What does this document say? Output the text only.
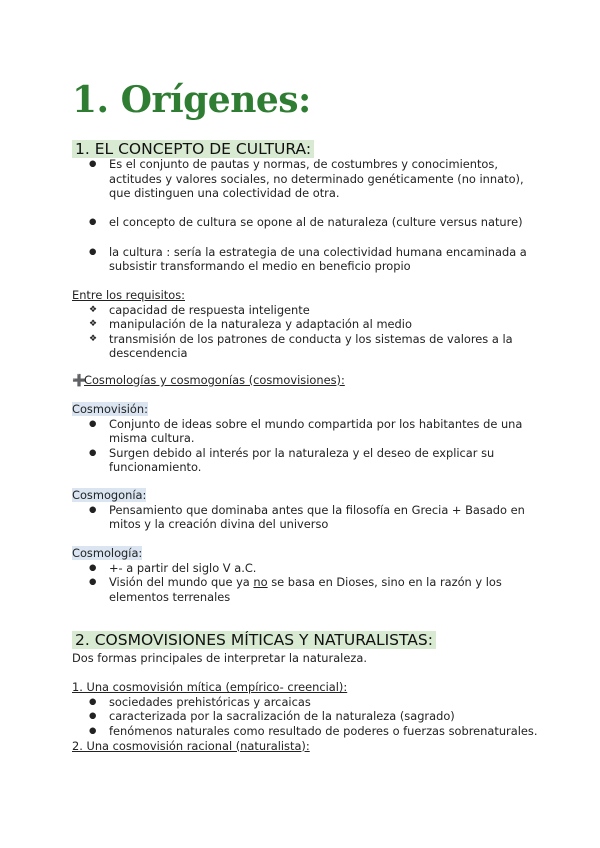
1. Orígenes:
1. EL CONCEPTO DE CULTURA:
● Es el conjunto de pautas y normas, de costumbres y conocimientos, actitudes y valores sociales, no determinado genéticamente (no innato), que distinguen una colectividad de otra.
● el concepto de cultura se opone al de naturaleza (culture versus nature)
● la cultura : sería la estrategia de una colectividad humana encaminada a subsistir transformando el medio en beneficio propio

Entre los requisitos:

❖ capacidad de respuesta inteligente
❖ manipulación de la naturaleza y adaptación al medio
❖ transmisión de los patrones de conducta y los sistemas de valores a la descendencia

➕Cosmologías y cosmogonías (cosmovisiones):

Cosmovisión:

● Conjunto de ideas sobre el mundo compartida por los habitantes de una misma cultura.
● Surgen debido al interés por la naturaleza y el deseo de explicar su funcionamiento.

Cosmogonía:

● Pensamiento que dominaba antes que la filosofía en Grecia + Basado en mitos y la creación divina del universo

Cosmología:

● +- a partir del siglo V a.C.
● Visión del mundo que ya no se basa en Dioses, sino en la razón y los elementos terrenales
2. COSMOVISIONES MÍTICAS Y NATURALISTAS:

Dos formas principales de interpretar la naturaleza.

1. Una cosmovisión mítica (empírico- creencial):

● sociedades prehistóricas y arcaicas
● caracterizada por la sacralización de la naturaleza (sagrado)
● fenómenos naturales como resultado de poderes o fuerzas sobrenaturales.

2. Una cosmovisión racional (naturalista):
